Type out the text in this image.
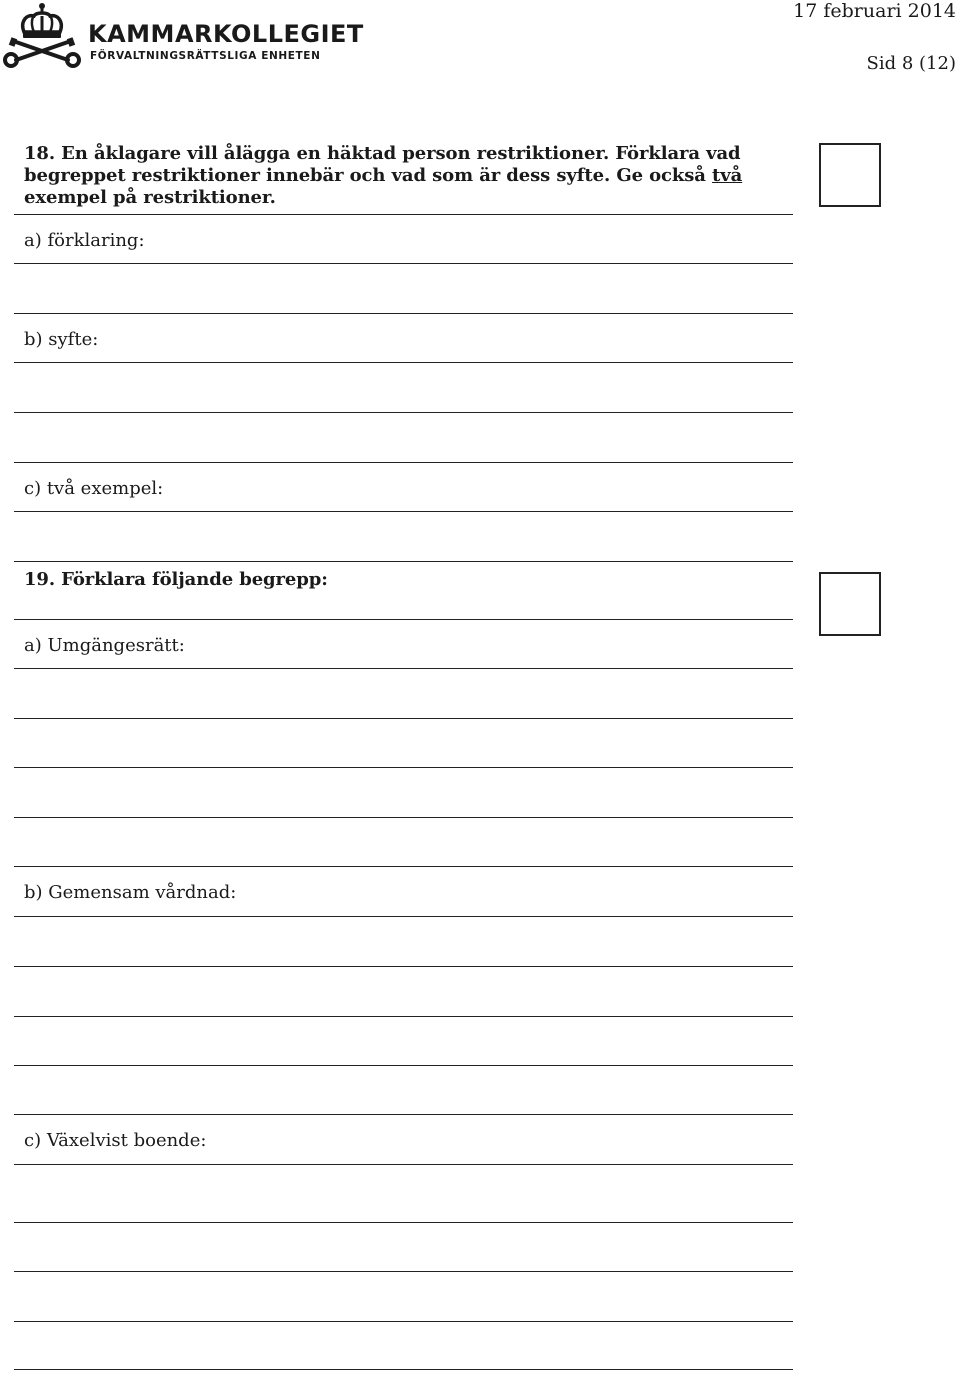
KAMMARKOLLEGIET
FÖRVALTNINGSRÄTTSLIGA ENHETEN
17 februari 2014
Sid 8 (12)
18. En åklagare vill ålägga en häktad person restriktioner. Förklara vad begreppet restriktioner innebär och vad som är dess syfte. Ge också två exempel på restriktioner.
a) förklaring:
b) syfte:
c) två exempel:
19. Förklara följande begrepp:
a) Umgängesrätt:
b) Gemensam vårdnad:
c) Växelvist boende:
